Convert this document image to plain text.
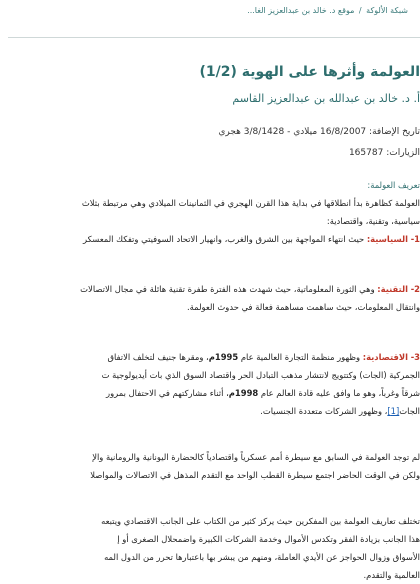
شبكة الألوكة / موقع د. خالد بن عبدالعزيز الغا...
العولمة وأثرها على الهوية (1/2)
أ. د. خالد بن عبدالله بن عبدالعزيز القاسم
تاريخ الإضافة: 16/8/2007 ميلادي - 3/8/1428 هجري
الزيارات: 165787

تعريف العولمة:

العولمة كظاهرة بدأ انطلاقها في بداية هذا القرن الهجري في الثمانينات الميلادي وهي مرتبطة بثلاث

سياسية، وتقنية، واقتصادية:

1- السياسية: حيث انتهاء المواجهة بين الشرق والغرب، وانهيار الاتحاد السوفيتي وتفكك المعسكر

2- التقنية: وهي الثورة المعلوماتية، حيث شهدت هذه الفترة طفرة تقنية هائلة في مجال الاتصالات

وانتقال المعلومات، حيث ساهمت مساهمة فعالة في حدوث العولمة.

3- الاقتصادية: وظهور منظمة التجارة العالمية عام 1995م، ومقرها جنيف لتخلف الاتفاق

الجمركية (الجات) وكتتويج لانتشار مذهب التبادل الحر واقتصاد السوق الذي بات أيديولوجية ت

شرقاً وغرباً، وهو ما وافق عليه قادة العالم عام 1998م، أثناء مشاركتهم في الاحتفال بمرور

الجات[1]، وظهور الشركات متعددة الجنسيات.

لم توجد العولمة في السابق مع سيطرة أمم عسكرياً واقتصادياً كالحضارة اليونانية والرومانية والإ

ولكن في الوقت الحاضر اجتمع سيطرة القطب الواحد مع التقدم المذهل في الاتصالات والمواصلا

تختلف تعاريف العولمة بين المفكرين حيث يركز كثير من الكتاب على الجانب الاقتصادي ويتبعه

هذا الجانب بزيادة الفقر وتكدس الأموال وخدمة الشركات الكبيرة واضمحلال الصغرى أو إ

الأسواق وزوال الحواجز عن الأيدي العاملة، ومنهم من يبشر بها باعتبارها تحرر من الدول المه

العالمية والتقدم.
